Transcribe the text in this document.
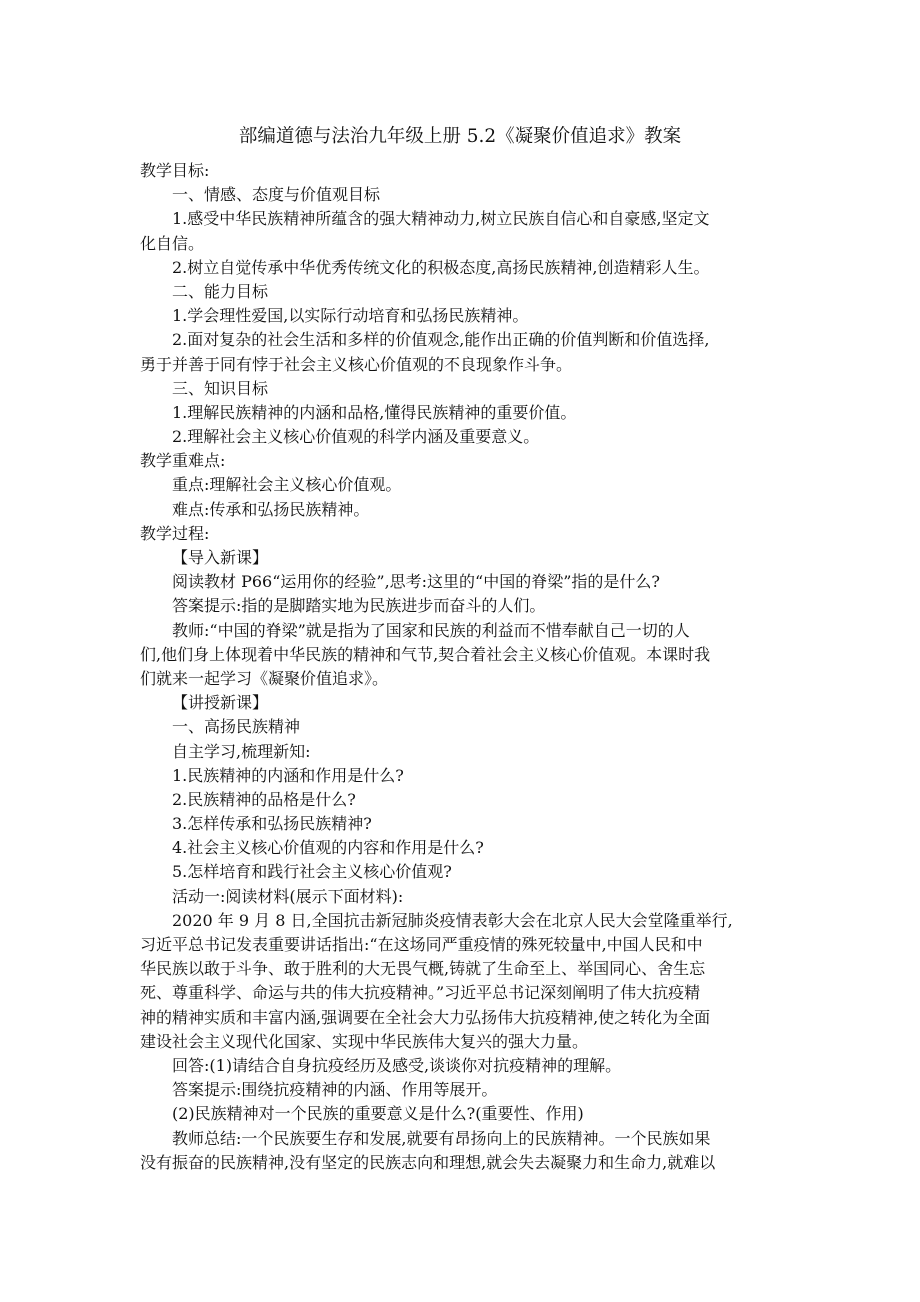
部编道德与法治九年级上册 5.2《凝聚价值追求》教案
教学目标:
一、情感、态度与价值观目标
1.感受中华民族精神所蕴含的强大精神动力,树立民族自信心和自豪感,坚定文
化自信。
2.树立自觉传承中华优秀传统文化的积极态度,高扬民族精神,创造精彩人生。
二、能力目标
1.学会理性爱国,以实际行动培育和弘扬民族精神。
2.面对复杂的社会生活和多样的价值观念,能作出正确的价值判断和价值选择,
勇于并善于同有悖于社会主义核心价值观的不良现象作斗争。
三、知识目标
1.理解民族精神的内涵和品格,懂得民族精神的重要价值。
2.理解社会主义核心价值观的科学内涵及重要意义。
教学重难点:
重点:理解社会主义核心价值观。
难点:传承和弘扬民族精神。
教学过程:
【导入新课】
阅读教材 P66“运用你的经验”,思考:这里的“中国的脊梁”指的是什么?
答案提示:指的是脚踏实地为民族进步而奋斗的人们。
教师:“中国的脊梁”就是指为了国家和民族的利益而不惜奉献自己一切的人
们,他们身上体现着中华民族的精神和气节,契合着社会主义核心价值观。本课时我
们就来一起学习《凝聚价值追求》。
【讲授新课】
一、高扬民族精神
自主学习,梳理新知:
1.民族精神的内涵和作用是什么?
2.民族精神的品格是什么?
3.怎样传承和弘扬民族精神?
4.社会主义核心价值观的内容和作用是什么?
5.怎样培育和践行社会主义核心价值观?
活动一:阅读材料(展示下面材料):
2020 年 9 月 8 日,全国抗击新冠肺炎疫情表彰大会在北京人民大会堂隆重举行,
习近平总书记发表重要讲话指出:“在这场同严重疫情的殊死较量中,中国人民和中
华民族以敢于斗争、敢于胜利的大无畏气概,铸就了生命至上、举国同心、舍生忘
死、尊重科学、命运与共的伟大抗疫精神。”习近平总书记深刻阐明了伟大抗疫精
神的精神实质和丰富内涵,强调要在全社会大力弘扬伟大抗疫精神,使之转化为全面
建设社会主义现代化国家、实现中华民族伟大复兴的强大力量。
回答:(1)请结合自身抗疫经历及感受,谈谈你对抗疫精神的理解。
答案提示:围绕抗疫精神的内涵、作用等展开。
(2)民族精神对一个民族的重要意义是什么?(重要性、作用)
教师总结:一个民族要生存和发展,就要有昂扬向上的民族精神。一个民族如果
没有振奋的民族精神,没有坚定的民族志向和理想,就会失去凝聚力和生命力,就难以
